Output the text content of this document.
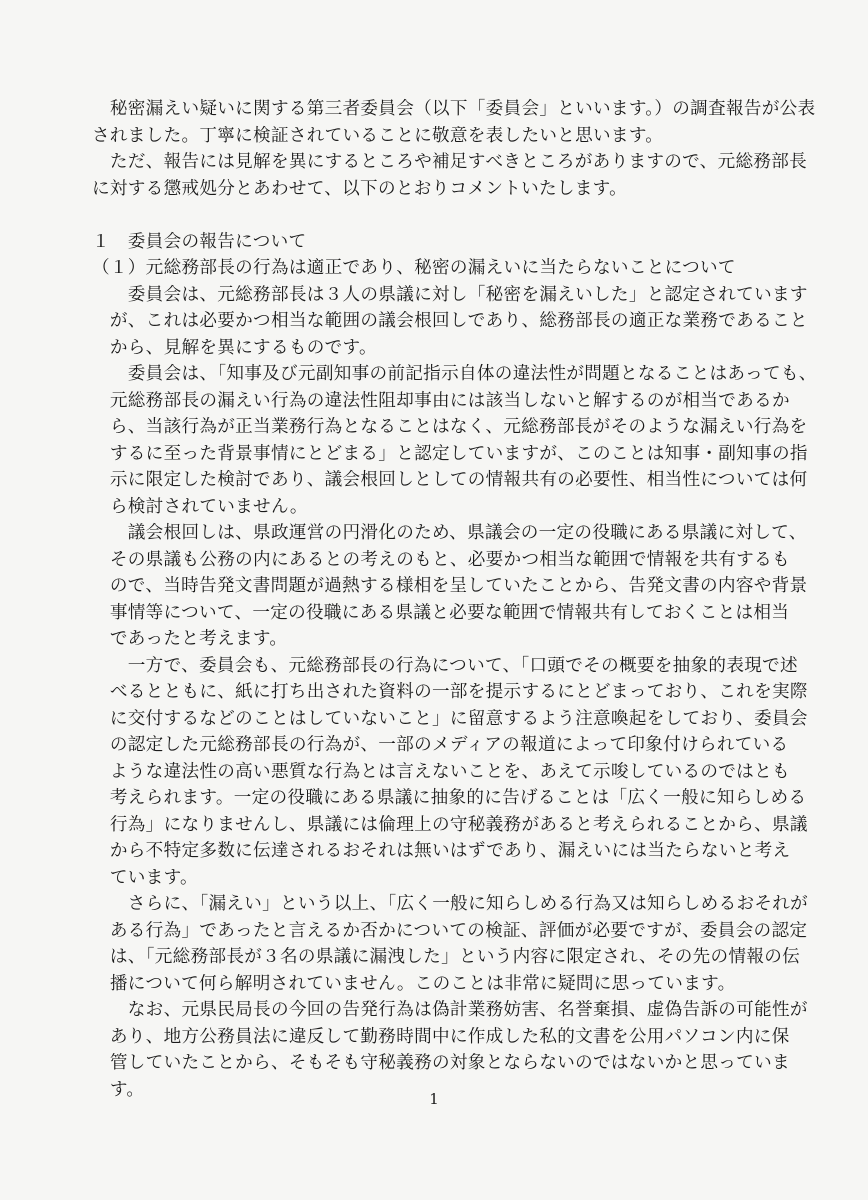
　秘密漏えい疑いに関する第三者委員会（以下「委員会」といいます。）の調査報告が公表
されました。丁寧に検証されていることに敬意を表したいと思います。
　ただ、報告には見解を異にするところや補足すべきところがありますので、元総務部長
に対する懲戒処分とあわせて、以下のとおりコメントいたします。
１　委員会の報告について
（１）元総務部長の行為は適正であり、秘密の漏えいに当たらないことについて
　　委員会は、元総務部長は３人の県議に対し「秘密を漏えいした」と認定されています
　が、これは必要かつ相当な範囲の議会根回しであり、総務部長の適正な業務であること
　から、見解を異にするものです。
　　委員会は、「知事及び元副知事の前記指示自体の違法性が問題となることはあっても、
　元総務部長の漏えい行為の違法性阻却事由には該当しないと解するのが相当であるか
　ら、当該行為が正当業務行為となることはなく、元総務部長がそのような漏えい行為を
　するに至った背景事情にとどまる」と認定していますが、このことは知事・副知事の指
　示に限定した検討であり、議会根回しとしての情報共有の必要性、相当性については何
　ら検討されていません。
　　議会根回しは、県政運営の円滑化のため、県議会の一定の役職にある県議に対して、
　その県議も公務の内にあるとの考えのもと、必要かつ相当な範囲で情報を共有するも
　ので、当時告発文書問題が過熱する様相を呈していたことから、告発文書の内容や背景
　事情等について、一定の役職にある県議と必要な範囲で情報共有しておくことは相当
　であったと考えます。
　　一方で、委員会も、元総務部長の行為について、「口頭でその概要を抽象的表現で述
　べるとともに、紙に打ち出された資料の一部を提示するにとどまっており、これを実際
　に交付するなどのことはしていないこと」に留意するよう注意喚起をしており、委員会
　の認定した元総務部長の行為が、一部のメディアの報道によって印象付けられている
　ような違法性の高い悪質な行為とは言えないことを、あえて示唆しているのではとも
　考えられます。一定の役職にある県議に抽象的に告げることは「広く一般に知らしめる
　行為」になりませんし、県議には倫理上の守秘義務があると考えられることから、県議
　から不特定多数に伝達されるおそれは無いはずであり、漏えいには当たらないと考え
　ています。
　　さらに、「漏えい」という以上、「広く一般に知らしめる行為又は知らしめるおそれが
　ある行為」であったと言えるか否かについての検証、評価が必要ですが、委員会の認定
　は、「元総務部長が３名の県議に漏洩した」という内容に限定され、その先の情報の伝
　播について何ら解明されていません。このことは非常に疑問に思っています。
　　なお、元県民局長の今回の告発行為は偽計業務妨害、名誉棄損、虚偽告訴の可能性が
　あり、地方公務員法に違反して勤務時間中に作成した私的文書を公用パソコン内に保
　管していたことから、そもそも守秘義務の対象とならないのではないかと思っていま
　す。	1
